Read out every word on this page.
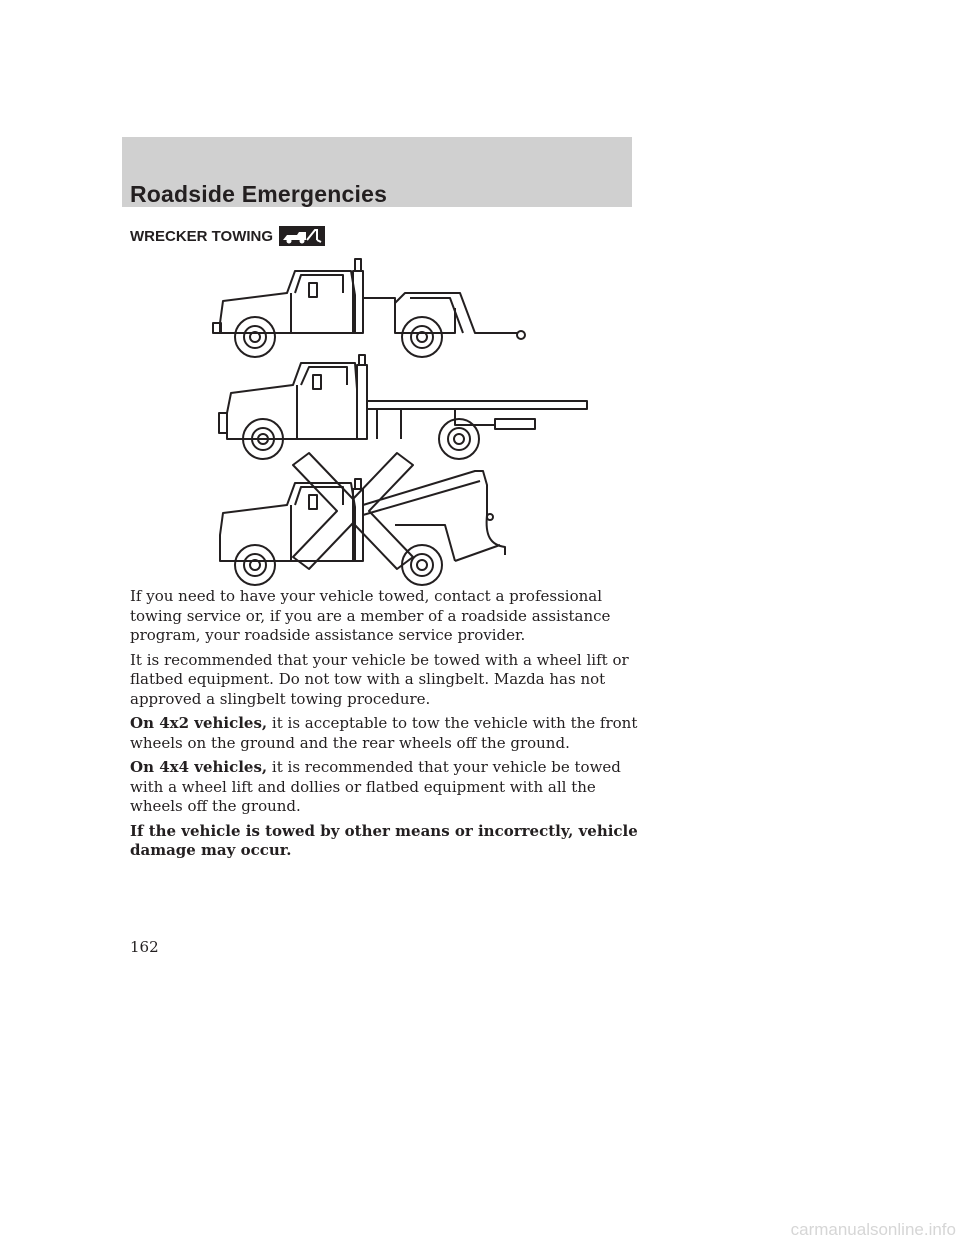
Roadside Emergencies
WRECKER TOWING

If you need to have your vehicle towed, contact a professional towing service or, if you are a member of a roadside assistance program, your roadside assistance service provider.

It is recommended that your vehicle be towed with a wheel lift or flatbed equipment. Do not tow with a slingbelt. Mazda has not approved a slingbelt towing procedure.

On 4x2 vehicles, it is acceptable to tow the vehicle with the front wheels on the ground and the rear wheels off the ground.

On 4x4 vehicles, it is recommended that your vehicle be towed with a wheel lift and dollies or flatbed equipment with all the wheels off the ground.

If the vehicle is towed by other means or incorrectly, vehicle damage may occur.

162
carmanualsonline.info
